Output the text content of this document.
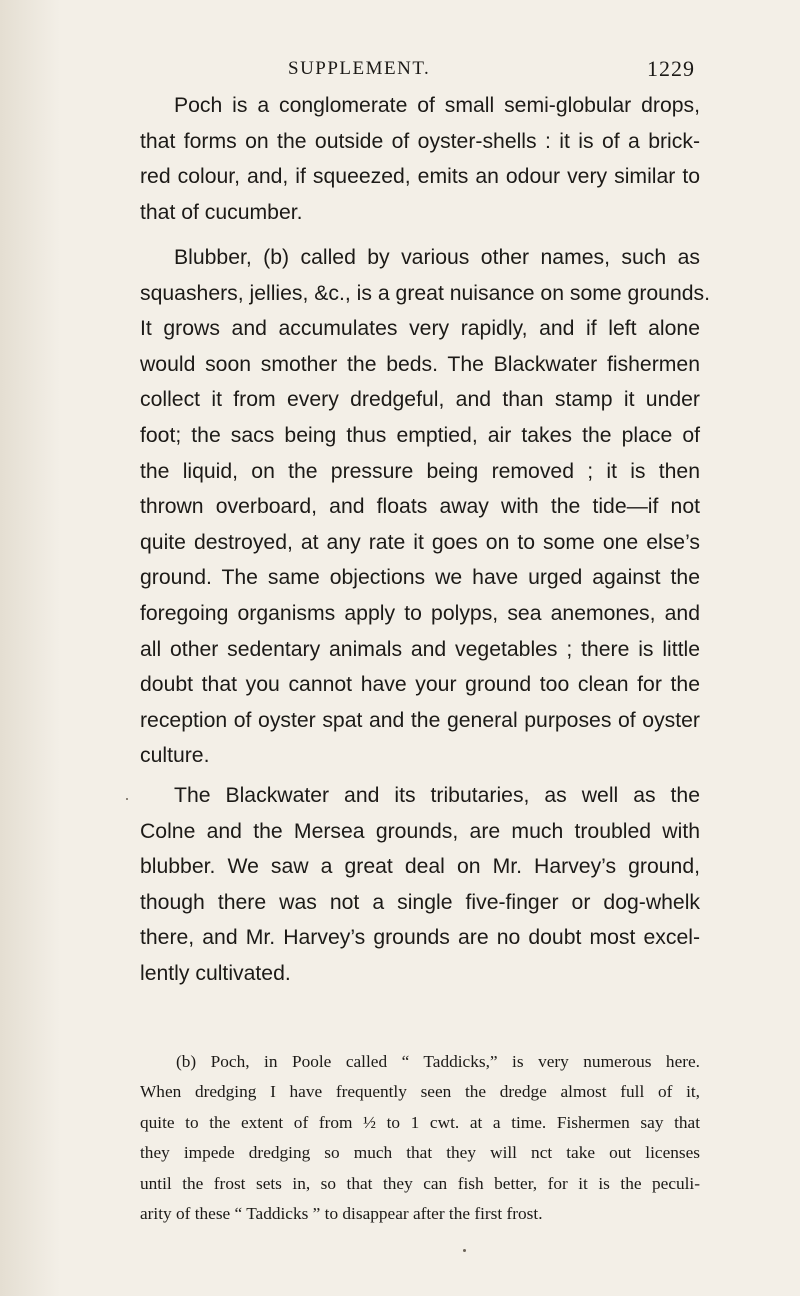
SUPPLEMENT.	1229
Poch is a conglomerate of small semi-globular drops,
that forms on the outside of oyster-shells : it is of a brick-
red colour, and, if squeezed, emits an odour very similar to
that of cucumber.
Blubber, (b) called by various other names, such as
squashers, jellies, &c., is a great nuisance on some grounds.
It grows and accumulates very rapidly, and if left alone
would soon smother the beds. The Blackwater fishermen
collect it from every dredgeful, and than stamp it under
foot; the sacs being thus emptied, air takes the place of
the liquid, on the pressure being removed ; it is then
thrown overboard, and floats away with the tide—if not
quite destroyed, at any rate it goes on to some one else’s
ground. The same objections we have urged against the
foregoing organisms apply to polyps, sea anemones, and
all other sedentary animals and vegetables ; there is little
doubt that you cannot have your ground too clean for the
reception of oyster spat and the general purposes of oyster
culture.
The Blackwater and its tributaries, as well as the
Colne and the Mersea grounds, are much troubled with
blubber. We saw a great deal on Mr. Harvey’s ground,
though there was not a single five-finger or dog-whelk
there, and Mr. Harvey’s grounds are no doubt most excel-
lently cultivated.
(b) Poch, in Poole called “ Taddicks,” is very numerous here.
When dredging I have frequently seen the dredge almost full of it,
quite to the extent of from ½ to 1 cwt. at a time. Fishermen say that
they impede dredging so much that they will nct take out licenses
until the frost sets in, so that they can fish better, for it is the peculi-
arity of these “ Taddicks ” to disappear after the first frost.
